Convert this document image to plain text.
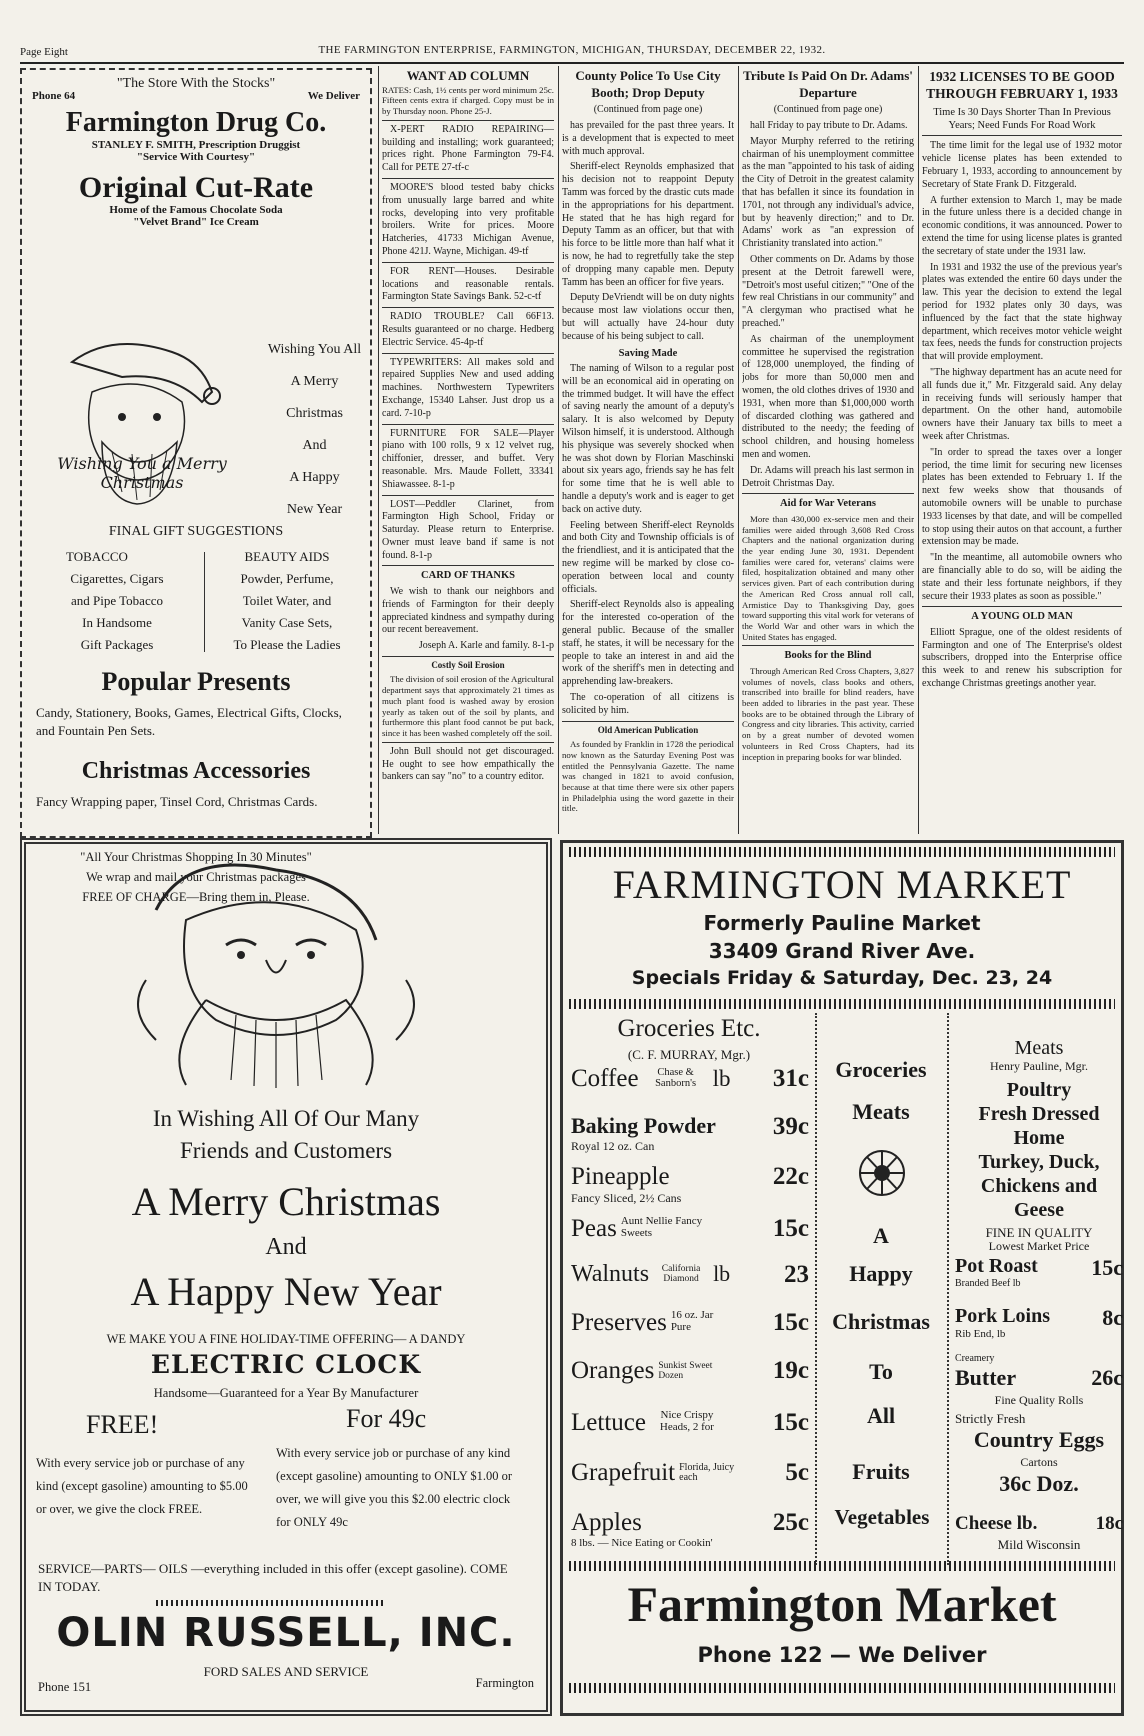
Page Eight	THE FARMINGTON ENTERPRISE, FARMINGTON, MICHIGAN, THURSDAY, DECEMBER 22, 1932.
"The Store With the Stocks"
Phone 64	We Deliver
Farmington Drug Co.
STANLEY F. SMITH, Prescription Druggist
"Service With Courtesy"
Original Cut-Rate
Home of the Famous Chocolate Soda
"Velvet Brand" Ice Cream
Wishing You a Merry Christmas
Wishing You All
A Merry
Christmas
And
A Happy
New Year
FINAL GIFT SUGGESTIONS
TOBACCO
Cigarettes, Cigars
and Pipe Tobacco
In Handsome
Gift Packages
BEAUTY AIDS
Powder, Perfume,
Toilet Water, and
Vanity Case Sets,
To Please the Ladies
Popular Presents
Candy, Stationery, Books, Games, Electrical Gifts, Clocks, and Fountain Pen Sets.
Christmas Accessories
Fancy Wrapping paper, Tinsel Cord, Christmas Cards.
"All Your Christmas Shopping In 30 Minutes"
We wrap and mail your Christmas packages
FREE OF CHARGE—Bring them in, Please.
WANT AD COLUMN
RATES: Cash, 1½ cents per word minimum 25c. Fifteen cents extra if charged. Copy must be in by Thursday noon. Phone 25-J.

X-PERT RADIO REPAIRING—building and installing; work guaranteed; prices right. Phone Farmington 79-F4. Call for PETE 27-tf-c

MOORE'S blood tested baby chicks from unusually large barred and white rocks, developing into very profitable broilers. Write for prices. Moore Hatcheries, 41733 Michigan Avenue, Phone 421J. Wayne, Michigan. 49-tf

FOR RENT—Houses. Desirable locations and reasonable rentals. Farmington State Savings Bank. 52-c-tf

RADIO TROUBLE? Call 66F13. Results guaranteed or no charge. Hedberg Electric Service. 45-4p-tf

TYPEWRITERS: All makes sold and repaired Supplies New and used adding machines. Northwestern Typewriters Exchange, 15340 Lahser. Just drop us a card. 7-10-p

FURNITURE FOR SALE—Player piano with 100 rolls, 9 x 12 velvet rug, chiffonier, dresser, and buffet. Very reasonable. Mrs. Maude Follett, 33341 Shiawassee. 8-1-p

LOST—Peddler Clarinet, from Farmington High School, Friday or Saturday. Please return to Enterprise. Owner must leave band if same is not found. 8-1-p

CARD OF THANKS

We wish to thank our neighbors and friends of Farmington for their deeply appreciated kindness and sympathy during our recent bereavement.

Joseph A. Karle and family. 8-1-p
Costly Soil Erosion

The division of soil erosion of the Agricultural department says that approximately 21 times as much plant food is washed away by erosion yearly as taken out of the soil by plants, and furthermore this plant food cannot be put back, since it has been washed completely off the soil.

John Bull should not get discouraged. He ought to see how empathically the bankers can say "no" to a country editor.

County Police To Use City Booth; Drop Deputy
(Continued from page one)

has prevailed for the past three years. It is a development that is expected to meet with much approval.

Sheriff-elect Reynolds emphasized that his decision not to reappoint Deputy Tamm was forced by the drastic cuts made in the appropriations for his department. He stated that he has high regard for Deputy Tamm as an officer, but that with his force to be little more than half what it is now, he had to regretfully take the step of dropping many capable men. Deputy Tamm has been an officer for five years.

Deputy DeVriendt will be on duty nights because most law violations occur then, but will actually have 24-hour duty because of his being subject to call.

Saving Made

The naming of Wilson to a regular post will be an economical aid in operating on the trimmed budget. It will have the effect of saving nearly the amount of a deputy's salary. It is also welcomed by Deputy Wilson himself, it is understood. Although his physique was severely shocked when he was shot down by Florian Maschinski about six years ago, friends say he has felt for some time that he is well able to handle a deputy's work and is eager to get back on active duty.

Feeling between Sheriff-elect Reynolds and both City and Township officials is of the friendliest, and it is anticipated that the new regime will be marked by close co-operation between local and county officials.

Sheriff-elect Reynolds also is appealing for the interested co-operation of the general public. Because of the smaller staff, he states, it will be necessary for the people to take an interest in and aid the work of the sheriff's men in detecting and apprehending law-breakers.

The co-operation of all citizens is solicited by him.

Old American Publication

As founded by Franklin in 1728 the periodical now known as the Saturday Evening Post was entitled the Pennsylvania Gazette. The name was changed in 1821 to avoid confusion, because at that time there were six other papers in Philadelphia using the word gazette in their title.

Tribute Is Paid On Dr. Adams' Departure
(Continued from page one)

hall Friday to pay tribute to Dr. Adams.

Mayor Murphy referred to the retiring chairman of his unemployment committee as the man "appointed to his task of aiding the City of Detroit in the greatest calamity that has befallen it since its foundation in 1701, not through any individual's advice, but by heavenly direction;" and to Dr. Adams' work as "an expression of Christianity translated into action."

Other comments on Dr. Adams by those present at the Detroit farewell were, "Detroit's most useful citizen;" "One of the few real Christians in our community" and "A clergyman who practised what he preached."

As chairman of the unemployment committee he supervised the registration of 128,000 unemployed, the finding of jobs for more than 50,000 men and women, the old clothes drives of 1930 and 1931, when more than $1,000,000 worth of discarded clothing was gathered and distributed to the needy; the feeding of school children, and housing homeless men and women.

Dr. Adams will preach his last sermon in Detroit Christmas Day.

Aid for War Veterans

More than 430,000 ex-service men and their families were aided through 3,608 Red Cross Chapters and the national organization during the year ending June 30, 1931. Dependent families were cared for, veterans' claims were filed, hospitalization obtained and many other services given. Part of each contribution during the American Red Cross annual roll call, Armistice Day to Thanksgiving Day, goes toward supporting this vital work for veterans of the World War and other wars in which the United States has engaged.

Books for the Blind

Through American Red Cross Chapters, 3,827 volumes of novels, class books and others, transcribed into braille for blind readers, have been added to libraries in the past year. These books are to be obtained through the Library of Congress and city libraries. This activity, carried on by a great number of devoted women volunteers in Red Cross Chapters, had its inception in preparing books for war blinded.

1932 LICENSES TO BE GOOD THROUGH FEBRUARY 1, 1933
Time Is 30 Days Shorter Than In Previous Years; Need Funds For Road Work

The time limit for the legal use of 1932 motor vehicle license plates has been extended to February 1, 1933, according to announcement by Secretary of State Frank D. Fitzgerald.

A further extension to March 1, may be made in the future unless there is a decided change in economic conditions, it was announced. Power to extend the time for using license plates is granted the secretary of state under the 1931 law.

In 1931 and 1932 the use of the previous year's plates was extended the entire 60 days under the law. This year the decision to extend the legal period for 1932 plates only 30 days, was influenced by the fact that the state highway department, which receives motor vehicle weight tax fees, needs the funds for construction projects that will provide employment.

"The highway department has an acute need for all funds due it," Mr. Fitzgerald said. Any delay in receiving funds will seriously hamper that department. On the other hand, automobile owners have their January tax bills to meet a week after Christmas.

"In order to spread the taxes over a longer period, the time limit for securing new licenses plates has been extended to February 1. If the next few weeks show that thousands of automobile owners will be unable to purchase 1933 licenses by that date, and will be compelled to stop using their autos on that account, a further extension may be made.

"In the meantime, all automobile owners who are financially able to do so, will be aiding the state and their less fortunate neighbors, if they secure their 1933 plates as soon as possible."

A YOUNG OLD MAN

Elliott Sprague, one of the oldest residents of Farmington and one of The Enterprise's oldest subscribers, dropped into the Enterprise office this week to and renew his subscription for exchange Christmas greetings another year.

In Wishing All Of Our Many
Friends and Customers
A Merry Christmas
And
A Happy New Year
WE MAKE YOU A FINE HOLIDAY-TIME OFFERING— A DANDY
ELECTRIC CLOCK
Handsome—Guaranteed for a Year By Manufacturer
FREE!
With every service job or purchase of any kind (except gasoline) amounting to $5.00 or over, we give the clock FREE.
For 49c
With every service job or purchase of any kind (except gasoline) amounting to ONLY $1.00 or over, we will give you this $2.00 electric clock for ONLY 49c
SERVICE—PARTS— OILS —everything included in this offer (except gasoline). COME IN TODAY.
OLIN RUSSELL, INC.
FORD SALES AND SERVICE
Phone 151	Farmington
FARMINGTON MARKET
Formerly Pauline Market
33409 Grand River Ave.
Specials Friday & Saturday, Dec. 23, 24
Groceries Etc.
(C. F. MURRAY, Mgr.)
Coffee Chase & Sanborn's lb 31c
Baking Powder 39c
Royal 12 oz. Can
Pineapple	22c
Fancy Sliced, 2½ Cans
Peas Aunt Nellie Fancy Sweets	15c
Walnuts California Diamond lb 23
Preserves 16 oz. Jar Pure	15c
Oranges Sunkist Sweet Dozen	19c
Lettuce Nice Crispy Heads, 2 for 15c
Grapefruit Florida, Juicy each	5c
Apples	25c
8 lbs. — Nice Eating or Cookin'
Groceries
Meats
A
Happy
Christmas
To
All
Fruits
Vegetables
Meats
Henry Pauline, Mgr.
Poultry
Fresh Dressed
Home
Turkey, Duck,
Chickens and
Geese
FINE IN QUALITY
Lowest Market Price
Pot Roast 15c
Branded Beef lb
Pork Loins 8c
Rib End, lb
Creamery
Butter	26c
Fine Quality Rolls
Strictly Fresh
Country Eggs
Cartons
36c Doz.
Cheese lb.	18c
Mild Wisconsin
Farmington Market
Phone 122 — We Deliver
